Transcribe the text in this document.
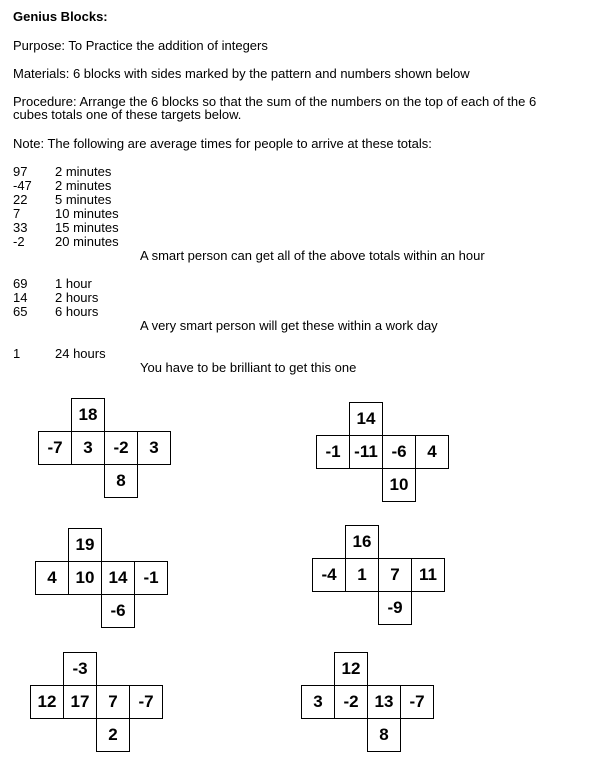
Genius Blocks:
Purpose: To Practice the addition of integers
Materials: 6 blocks with sides marked by the pattern and numbers shown below
Procedure: Arrange the 6 blocks so that the sum of the numbers on the top of each of the 6
cubes totals one of these targets below.
Note: The following are average times for people to arrive at these totals:
97 2 minutes
-47 2 minutes
22 5 minutes
7	10 minutes
33 15 minutes
-2 20 minutes
A smart person can get all of the above totals within an hour
69 1 hour
14 2 hours
65 6 hours
A very smart person will get these within a work day
1	24 hours
You have to be brilliant to get this one
18
-7	3	-2	3
8
14
-1 -11 -6	4
10
19
4	10 14 -1
-6
16
-4	1	7	11
-9
-3
12 17	7	-7
2
12
3	-2 13 -7
8
